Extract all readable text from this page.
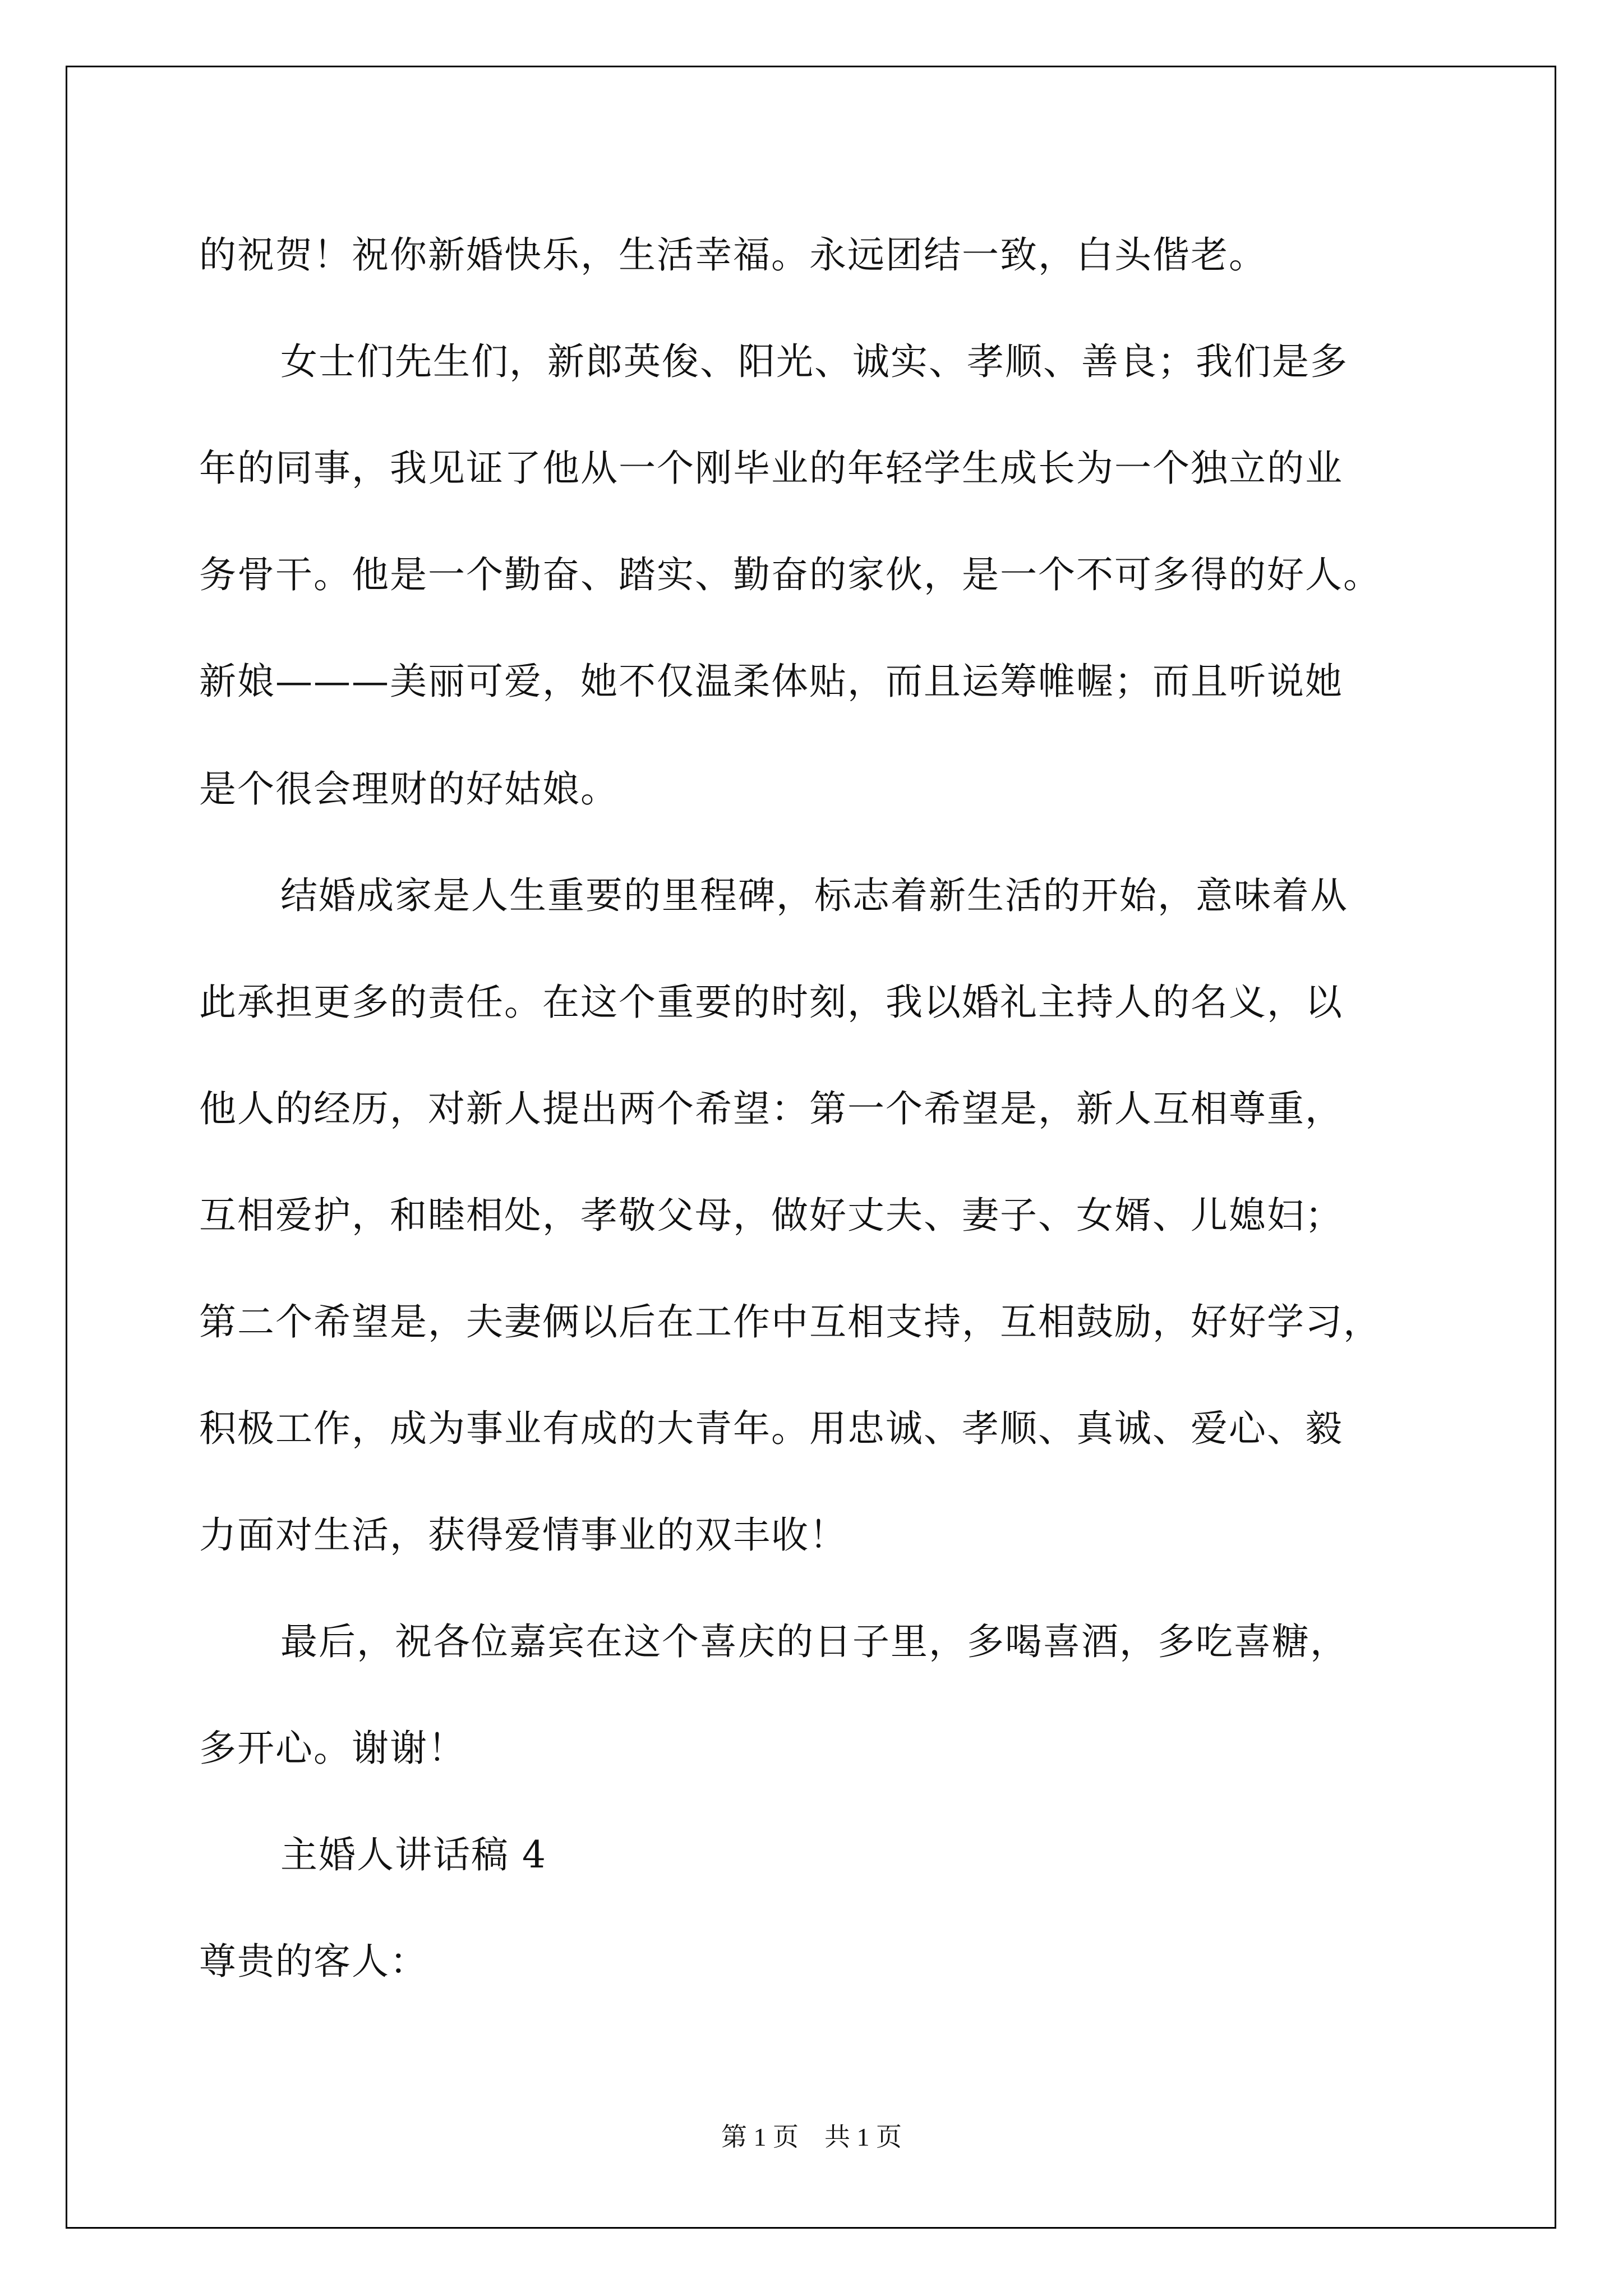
的祝贺！祝你新婚快乐，生活幸福。永远团结一致，白头偕老。
女士们先生们，新郎英俊、阳光、诚实、孝顺、善良；我们是多
年的同事，我见证了他从一个刚毕业的年轻学生成长为一个独立的业
务骨干。他是一个勤奋、踏实、勤奋的家伙，是一个不可多得的好人。
新娘———美丽可爱，她不仅温柔体贴，而且运筹帷幄；而且听说她
是个很会理财的好姑娘。
结婚成家是人生重要的里程碑，标志着新生活的开始，意味着从
此承担更多的责任。在这个重要的时刻，我以婚礼主持人的名义，以
他人的经历，对新人提出两个希望：第一个希望是，新人互相尊重，
互相爱护，和睦相处，孝敬父母，做好丈夫、妻子、女婿、儿媳妇；
第二个希望是，夫妻俩以后在工作中互相支持，互相鼓励，好好学习，
积极工作，成为事业有成的大青年。用忠诚、孝顺、真诚、爱心、毅
力面对生活，获得爱情事业的双丰收！
最后，祝各位嘉宾在这个喜庆的日子里，多喝喜酒，多吃喜糖，
多开心。谢谢！
主婚人讲话稿 4
尊贵的客人：
第 1 页    共 1 页
